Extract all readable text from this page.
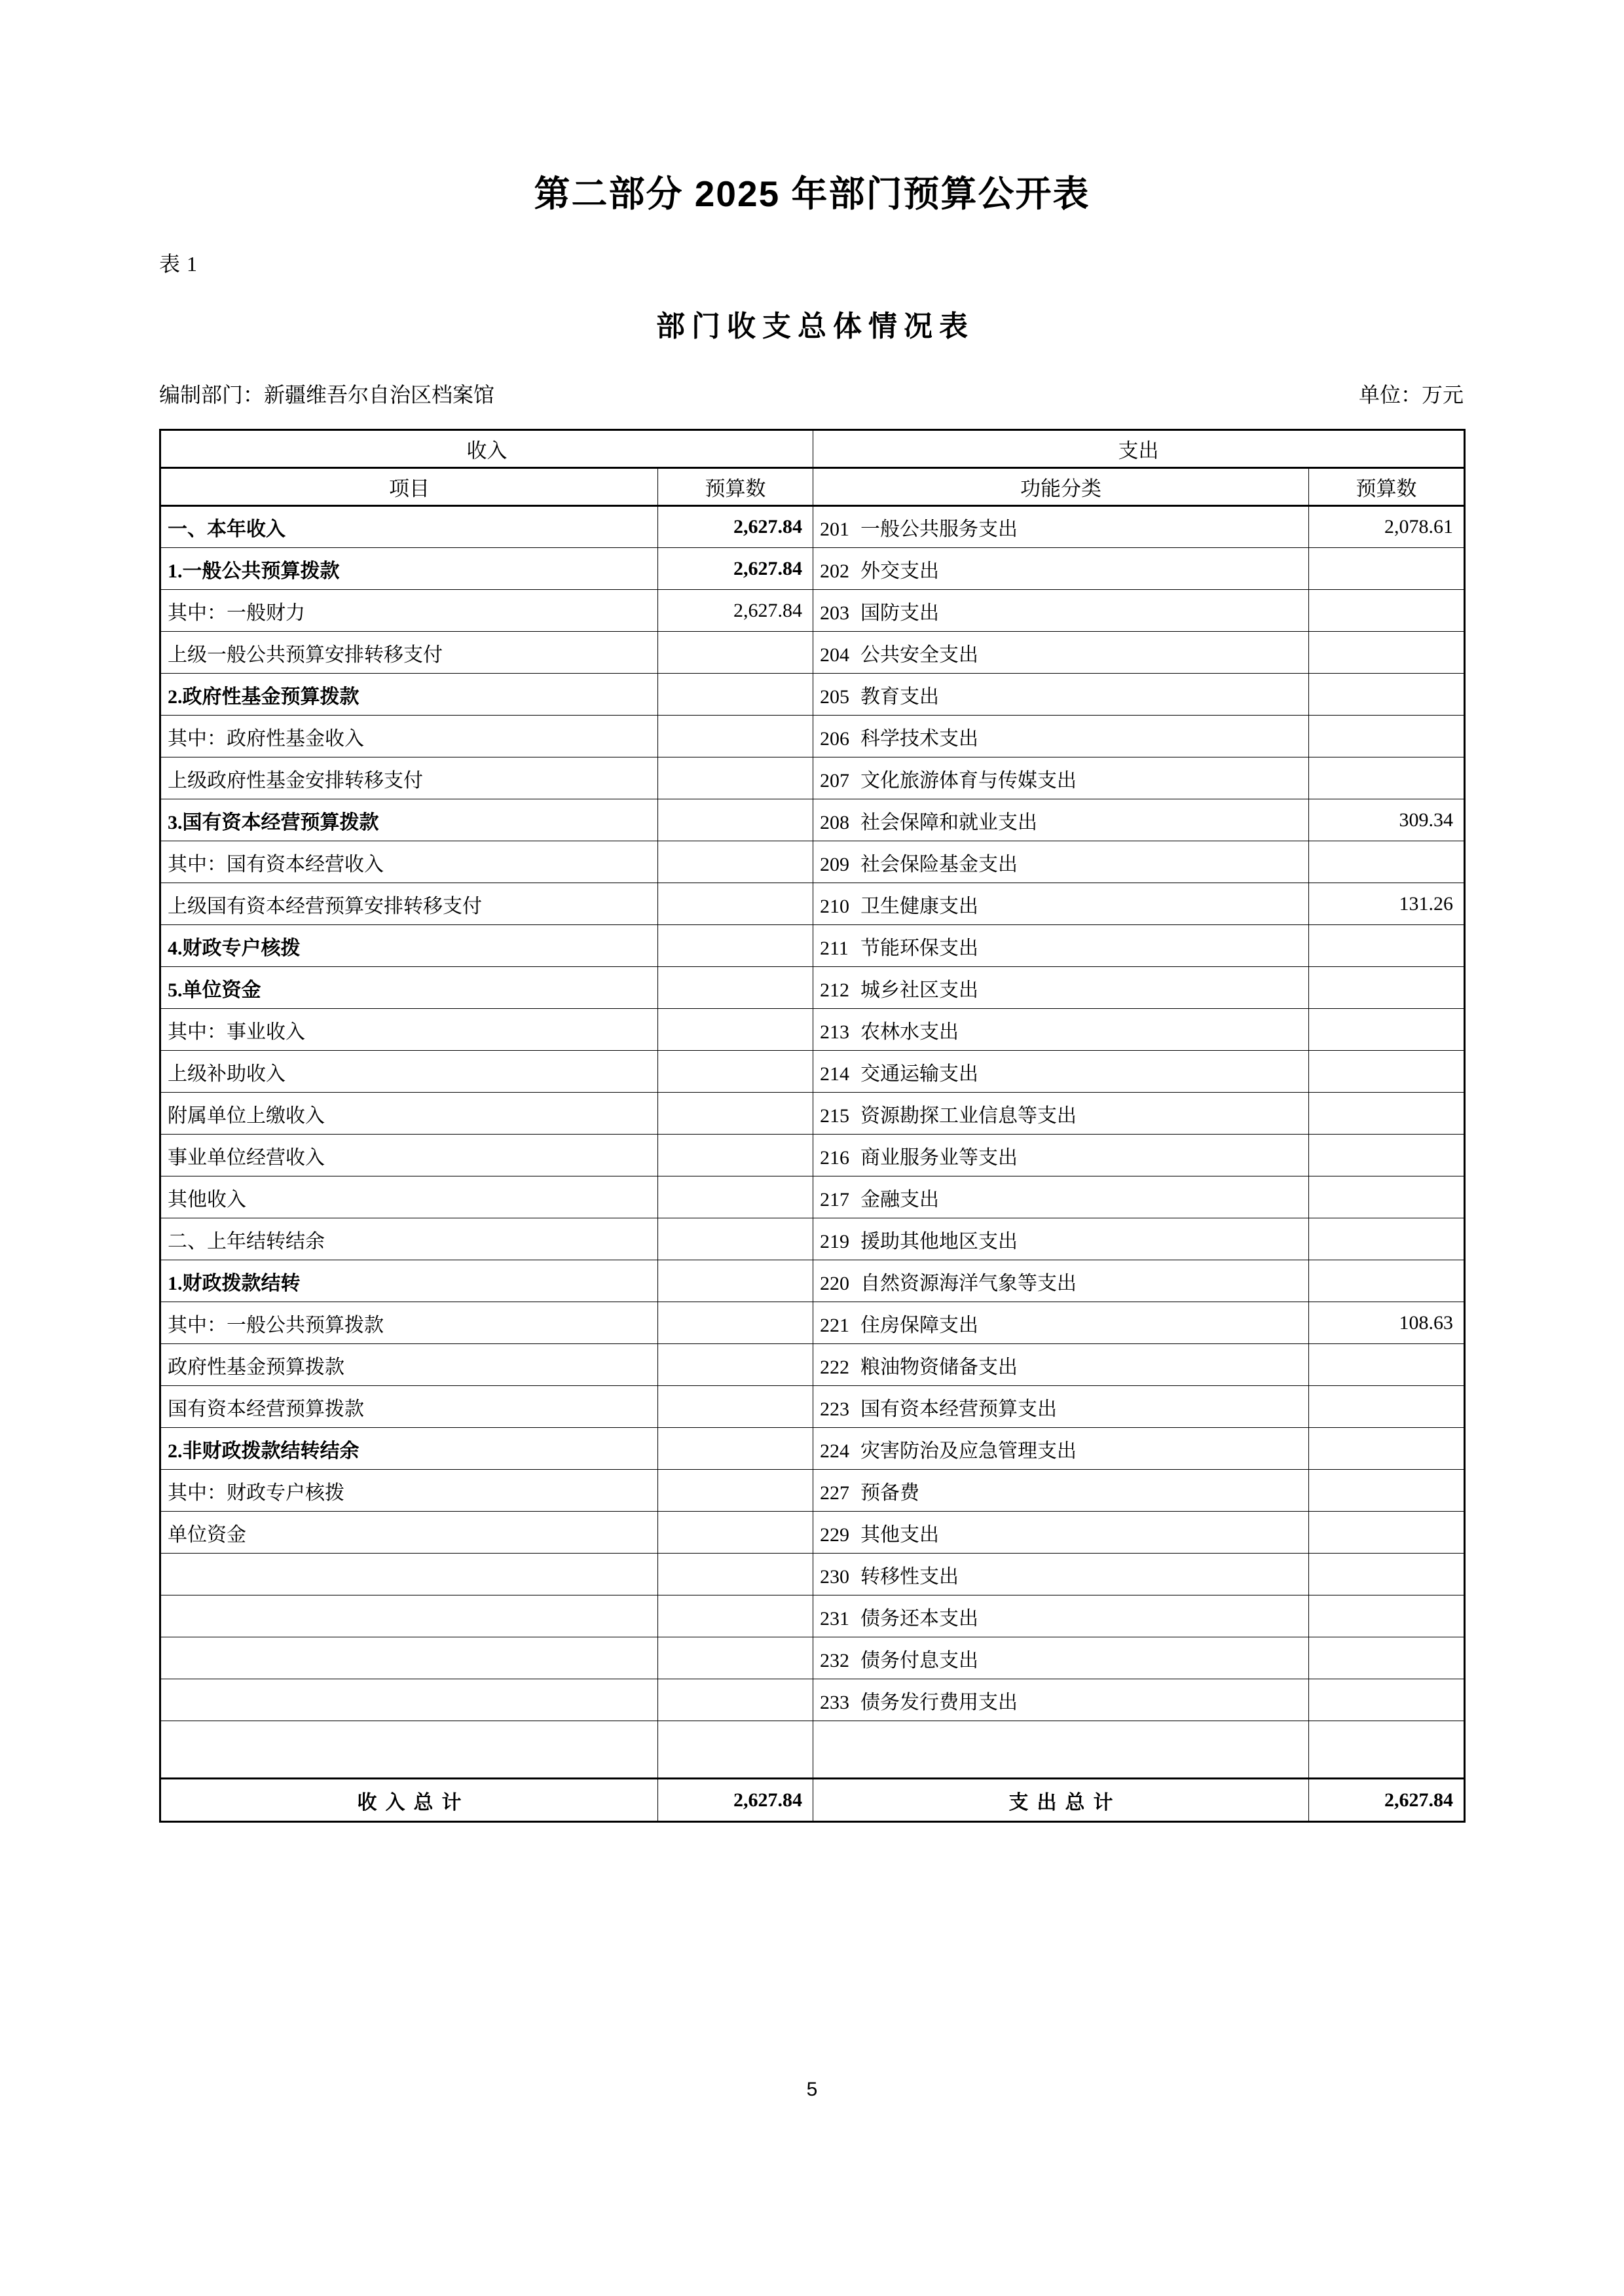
第二部分 2025 年部门预算公开表
表 1
部门收支总体情况表
编制部门：新疆维吾尔自治区档案馆	单位：万元
收入		支出	
项目	预算数	功能分类	预算数
一、本年收入	2,627.84	201 一般公共服务支出	2,078.61
1.一般公共预算拨款	2,627.84	202 外交支出	
其中：一般财力	2,627.84	203 国防支出	
上级一般公共预算安排转移支付		204 公共安全支出	
2.政府性基金预算拨款		205 教育支出	
其中：政府性基金收入		206 科学技术支出	
上级政府性基金安排转移支付		207 文化旅游体育与传媒支出	
3.国有资本经营预算拨款		208 社会保障和就业支出	309.34
其中：国有资本经营收入		209 社会保险基金支出	
上级国有资本经营预算安排转移支付		210 卫生健康支出	131.26
4.财政专户核拨		211 节能环保支出	
5.单位资金		212 城乡社区支出	
其中：事业收入		213 农林水支出	
上级补助收入		214 交通运输支出	
附属单位上缴收入		215 资源勘探工业信息等支出	
事业单位经营收入		216 商业服务业等支出	
其他收入		217 金融支出	
二、上年结转结余		219 援助其他地区支出	
1.财政拨款结转		220 自然资源海洋气象等支出	
其中：一般公共预算拨款		221 住房保障支出	108.63
政府性基金预算拨款		222 粮油物资储备支出	
国有资本经营预算拨款		223 国有资本经营预算支出	
2.非财政拨款结转结余		224 灾害防治及应急管理支出	
其中：财政专户核拨		227 预备费	
单位资金		229 其他支出	
		230 转移性支出	
		231 债务还本支出	
		232 债务付息支出	
		233 债务发行费用支出	

收入总计	2,627.84	支出总计	2,627.84
5
